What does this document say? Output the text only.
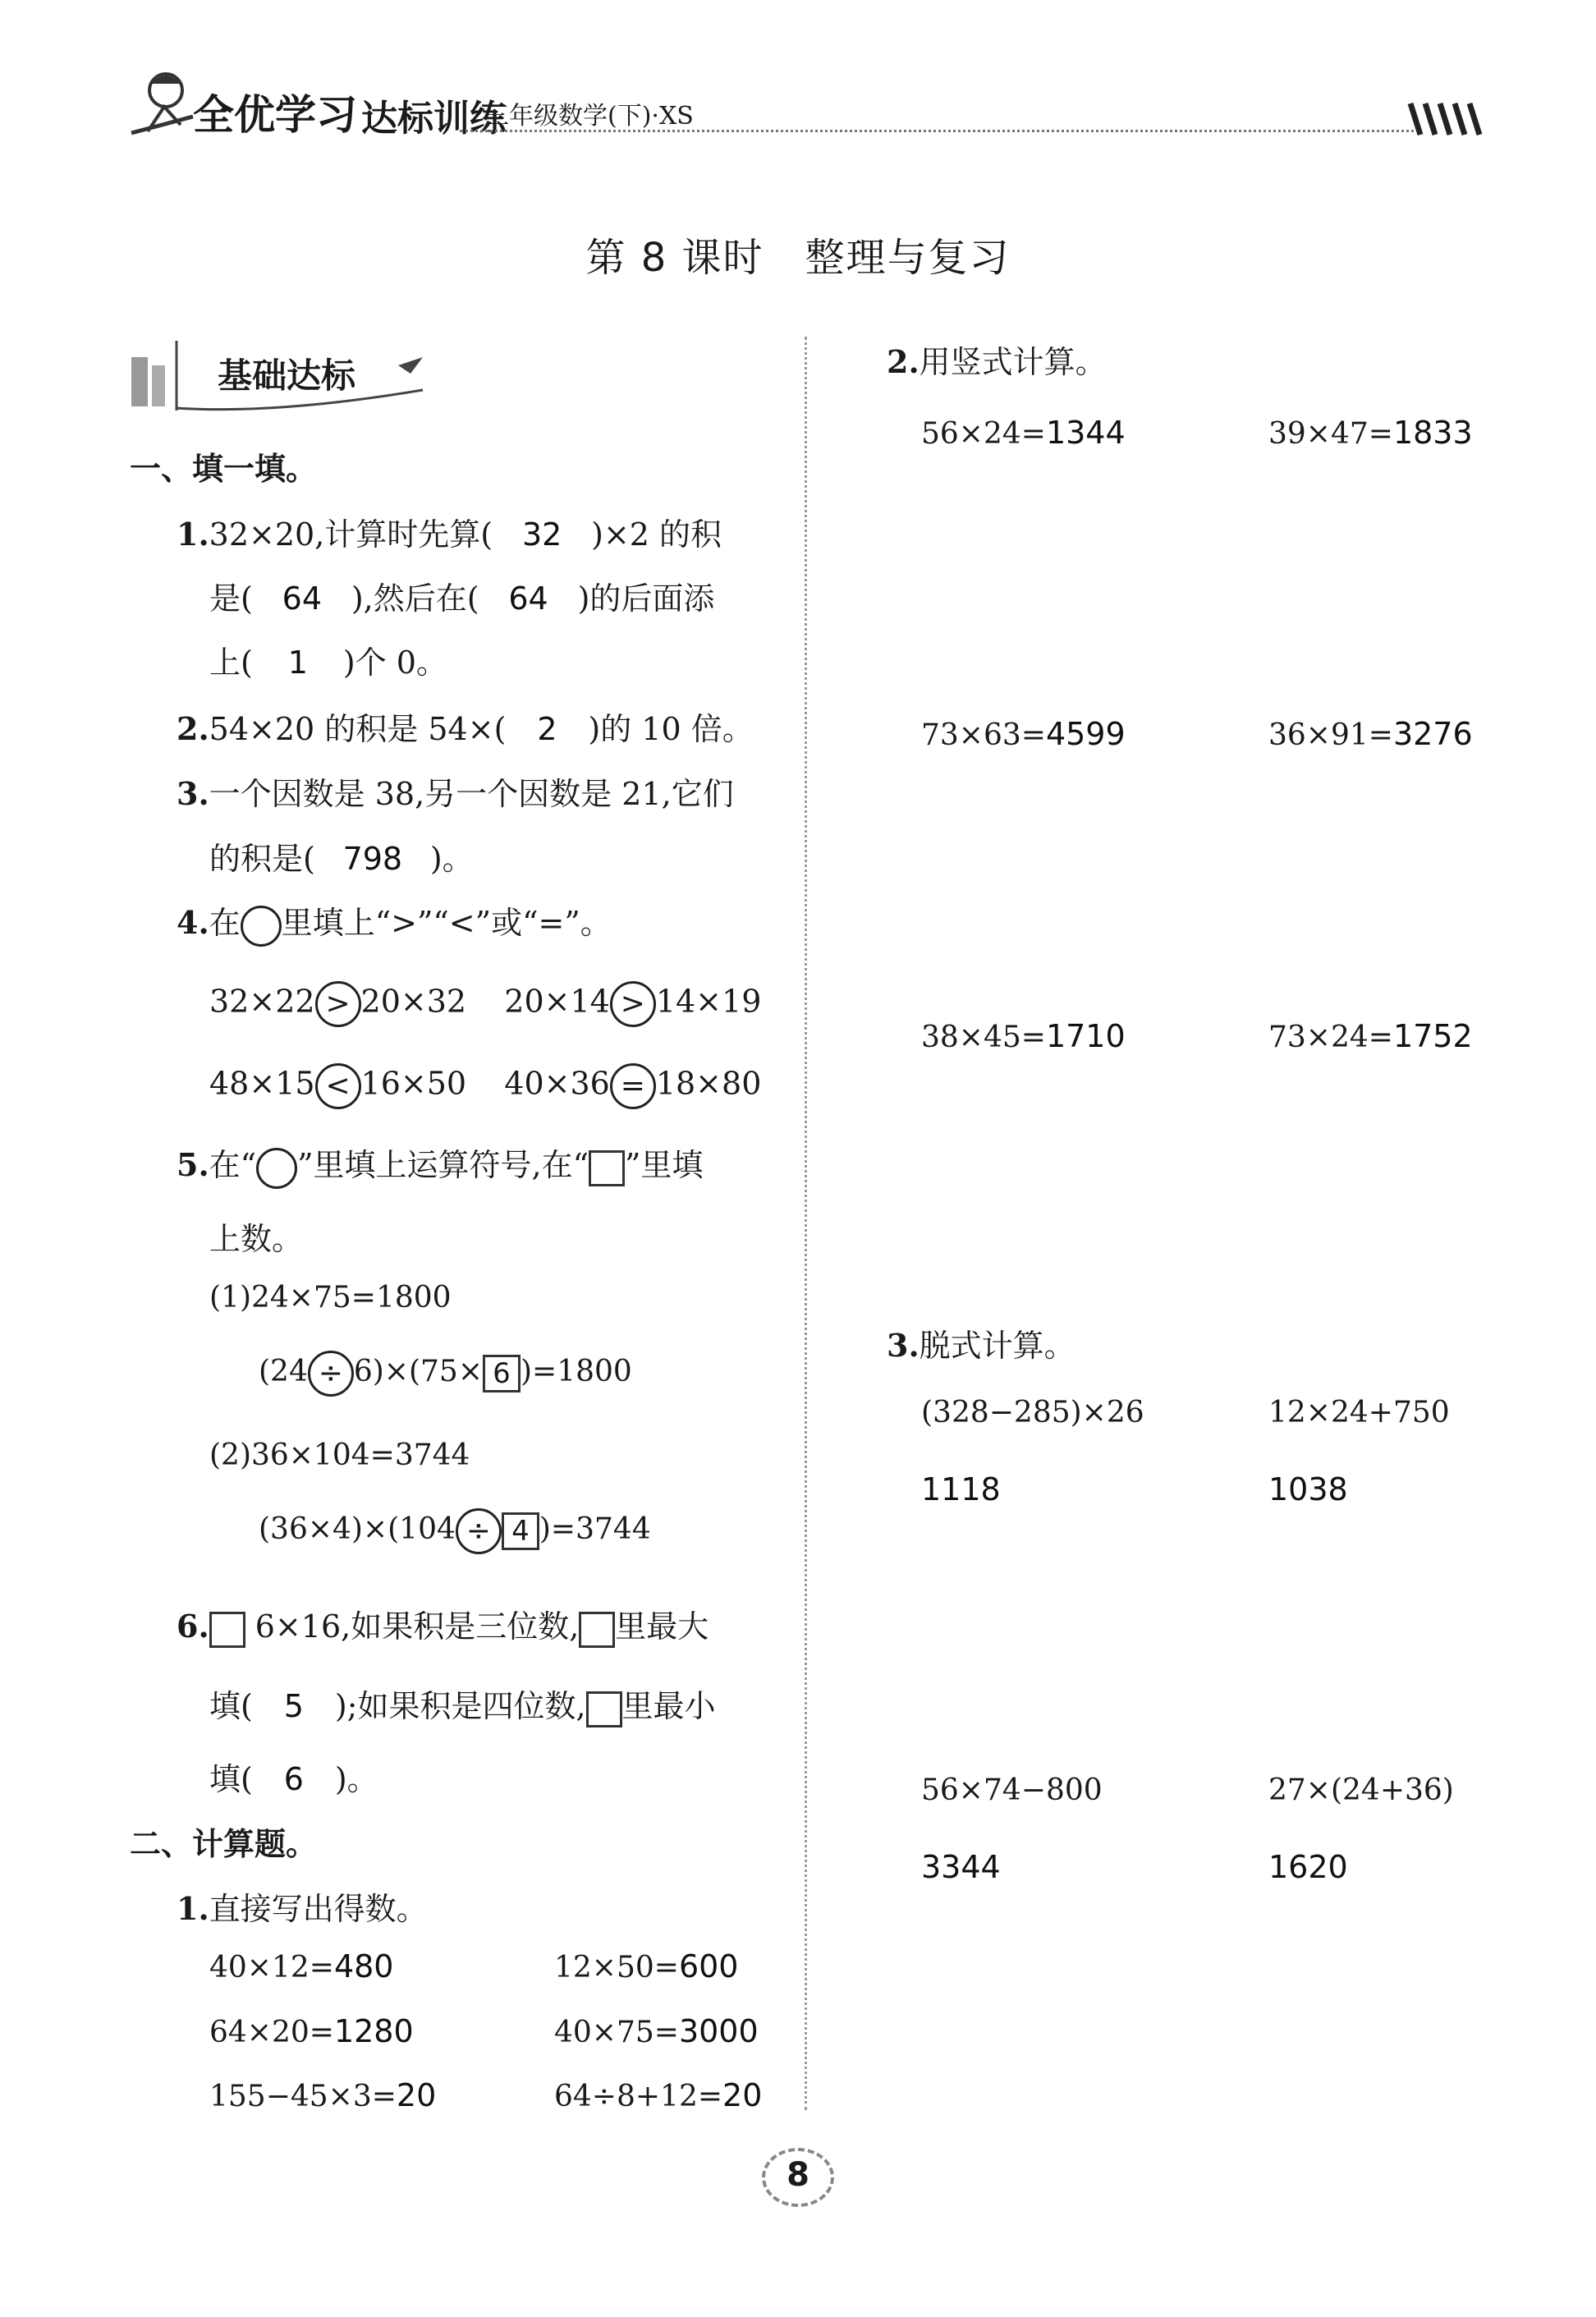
全优学习 达标训练
三年级数学(下)·XS
第 8 课时　整理与复习
基础达标
一、填一填。
1.32×20,计算时先算( 32 )×2 的积
是( 64 ),然后在( 64 )的后面添
上( 1 )个 0。
2.54×20 的积是 54×( 2 )的 10 倍。
3.一个因数是 38,另一个因数是 21,它们
的积是( 798 )。
4.在 里填上“>”“<”或“=”。
32×22 > 20×32 20×14 > 14×19
48×15 < 16×50 40×36 = 18×80
5.在“ ”里填上运算符号,在“ ”里填
上数。
(1)24×75=1800
(24 ÷ 6)×(75× 6 )=1800
(2)36×104=3744
(36×4)×(104 ÷ 4 )=3744
6. 6×16,如果积是三位数, 里最大
填( 5 );如果积是四位数, 里最小
填( 6 )。
二、计算题。
1.直接写出得数。
40×12=480	12×50=600
64×20=1280	40×75=3000
155−45×3=20	64÷8+12=20
2.用竖式计算。
56×24=1344	39×47=1833
73×63=4599	36×91=3276
38×45=1710	73×24=1752
3.脱式计算。
(328−285)×26
1118
12×24+750
1038
56×74−800
3344
27×(24+36)
1620
8
